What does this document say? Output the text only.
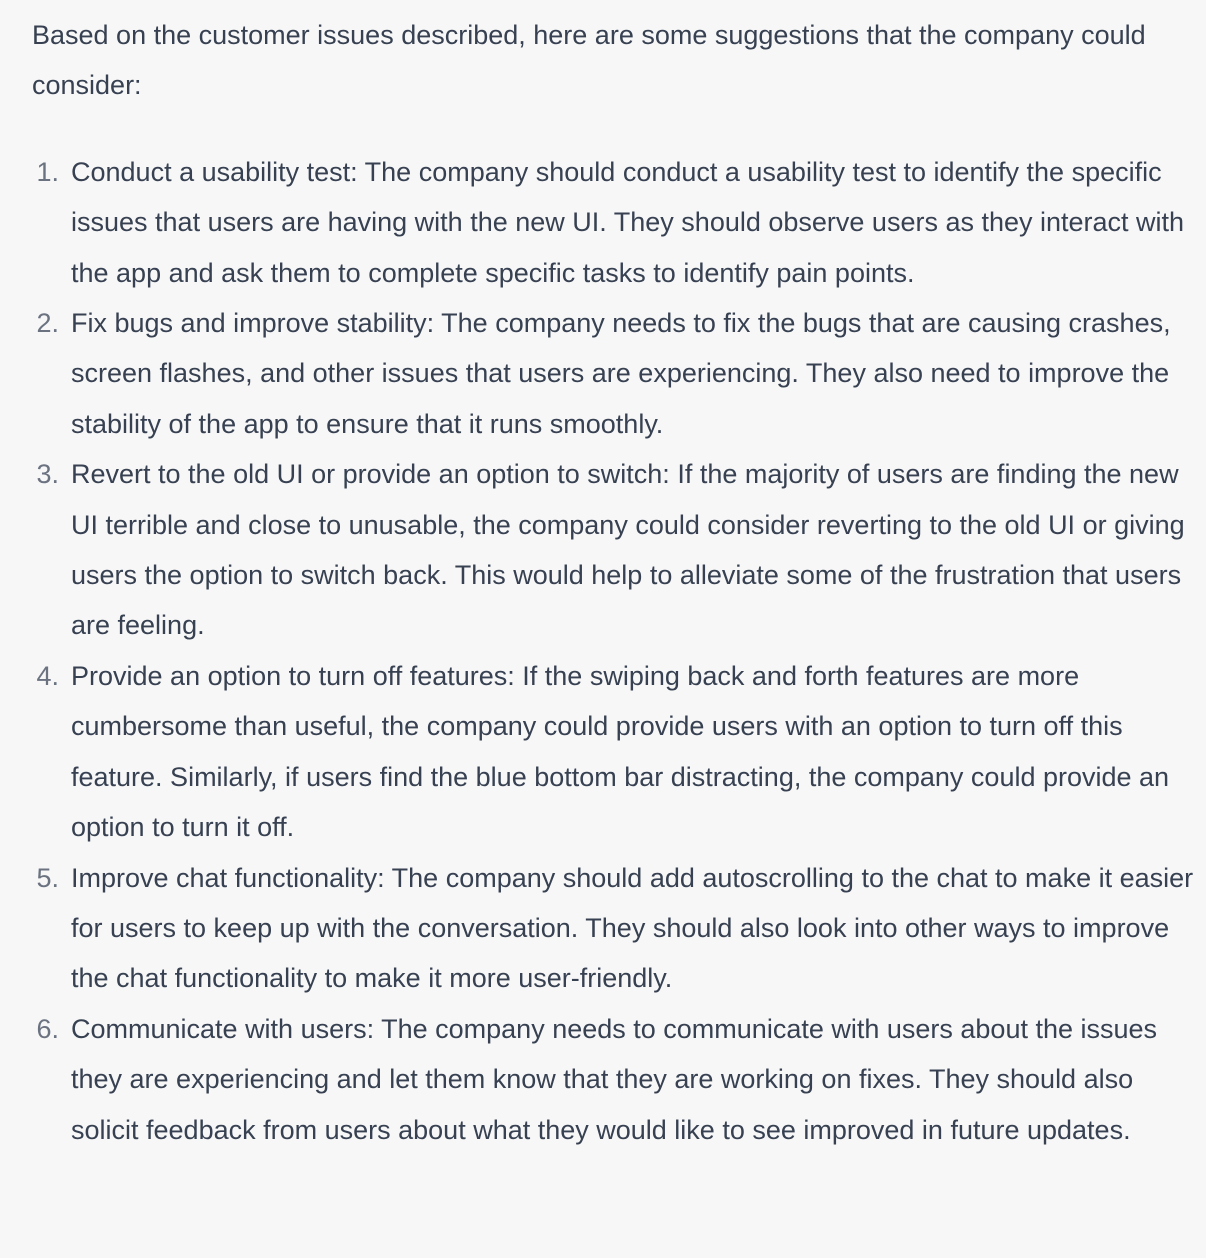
Based on the customer issues described, here are some suggestions that the company could consider:

1. Conduct a usability test: The company should conduct a usability test to identify the specific issues that users are having with the new UI. They should observe users as they interact with the app and ask them to complete specific tasks to identify pain points.
2. Fix bugs and improve stability: The company needs to fix the bugs that are causing crashes, screen flashes, and other issues that users are experiencing. They also need to improve the stability of the app to ensure that it runs smoothly.
3. Revert to the old UI or provide an option to switch: If the majority of users are finding the new UI terrible and close to unusable, the company could consider reverting to the old UI or giving users the option to switch back. This would help to alleviate some of the frustration that users are feeling.
4. Provide an option to turn off features: If the swiping back and forth features are more cumbersome than useful, the company could provide users with an option to turn off this feature. Similarly, if users find the blue bottom bar distracting, the company could provide an option to turn it off.
5. Improve chat functionality: The company should add autoscrolling to the chat to make it easier for users to keep up with the conversation. They should also look into other ways to improve the chat functionality to make it more user-friendly.
6. Communicate with users: The company needs to communicate with users about the issues they are experiencing and let them know that they are working on fixes. They should also solicit feedback from users about what they would like to see improved in future updates.
